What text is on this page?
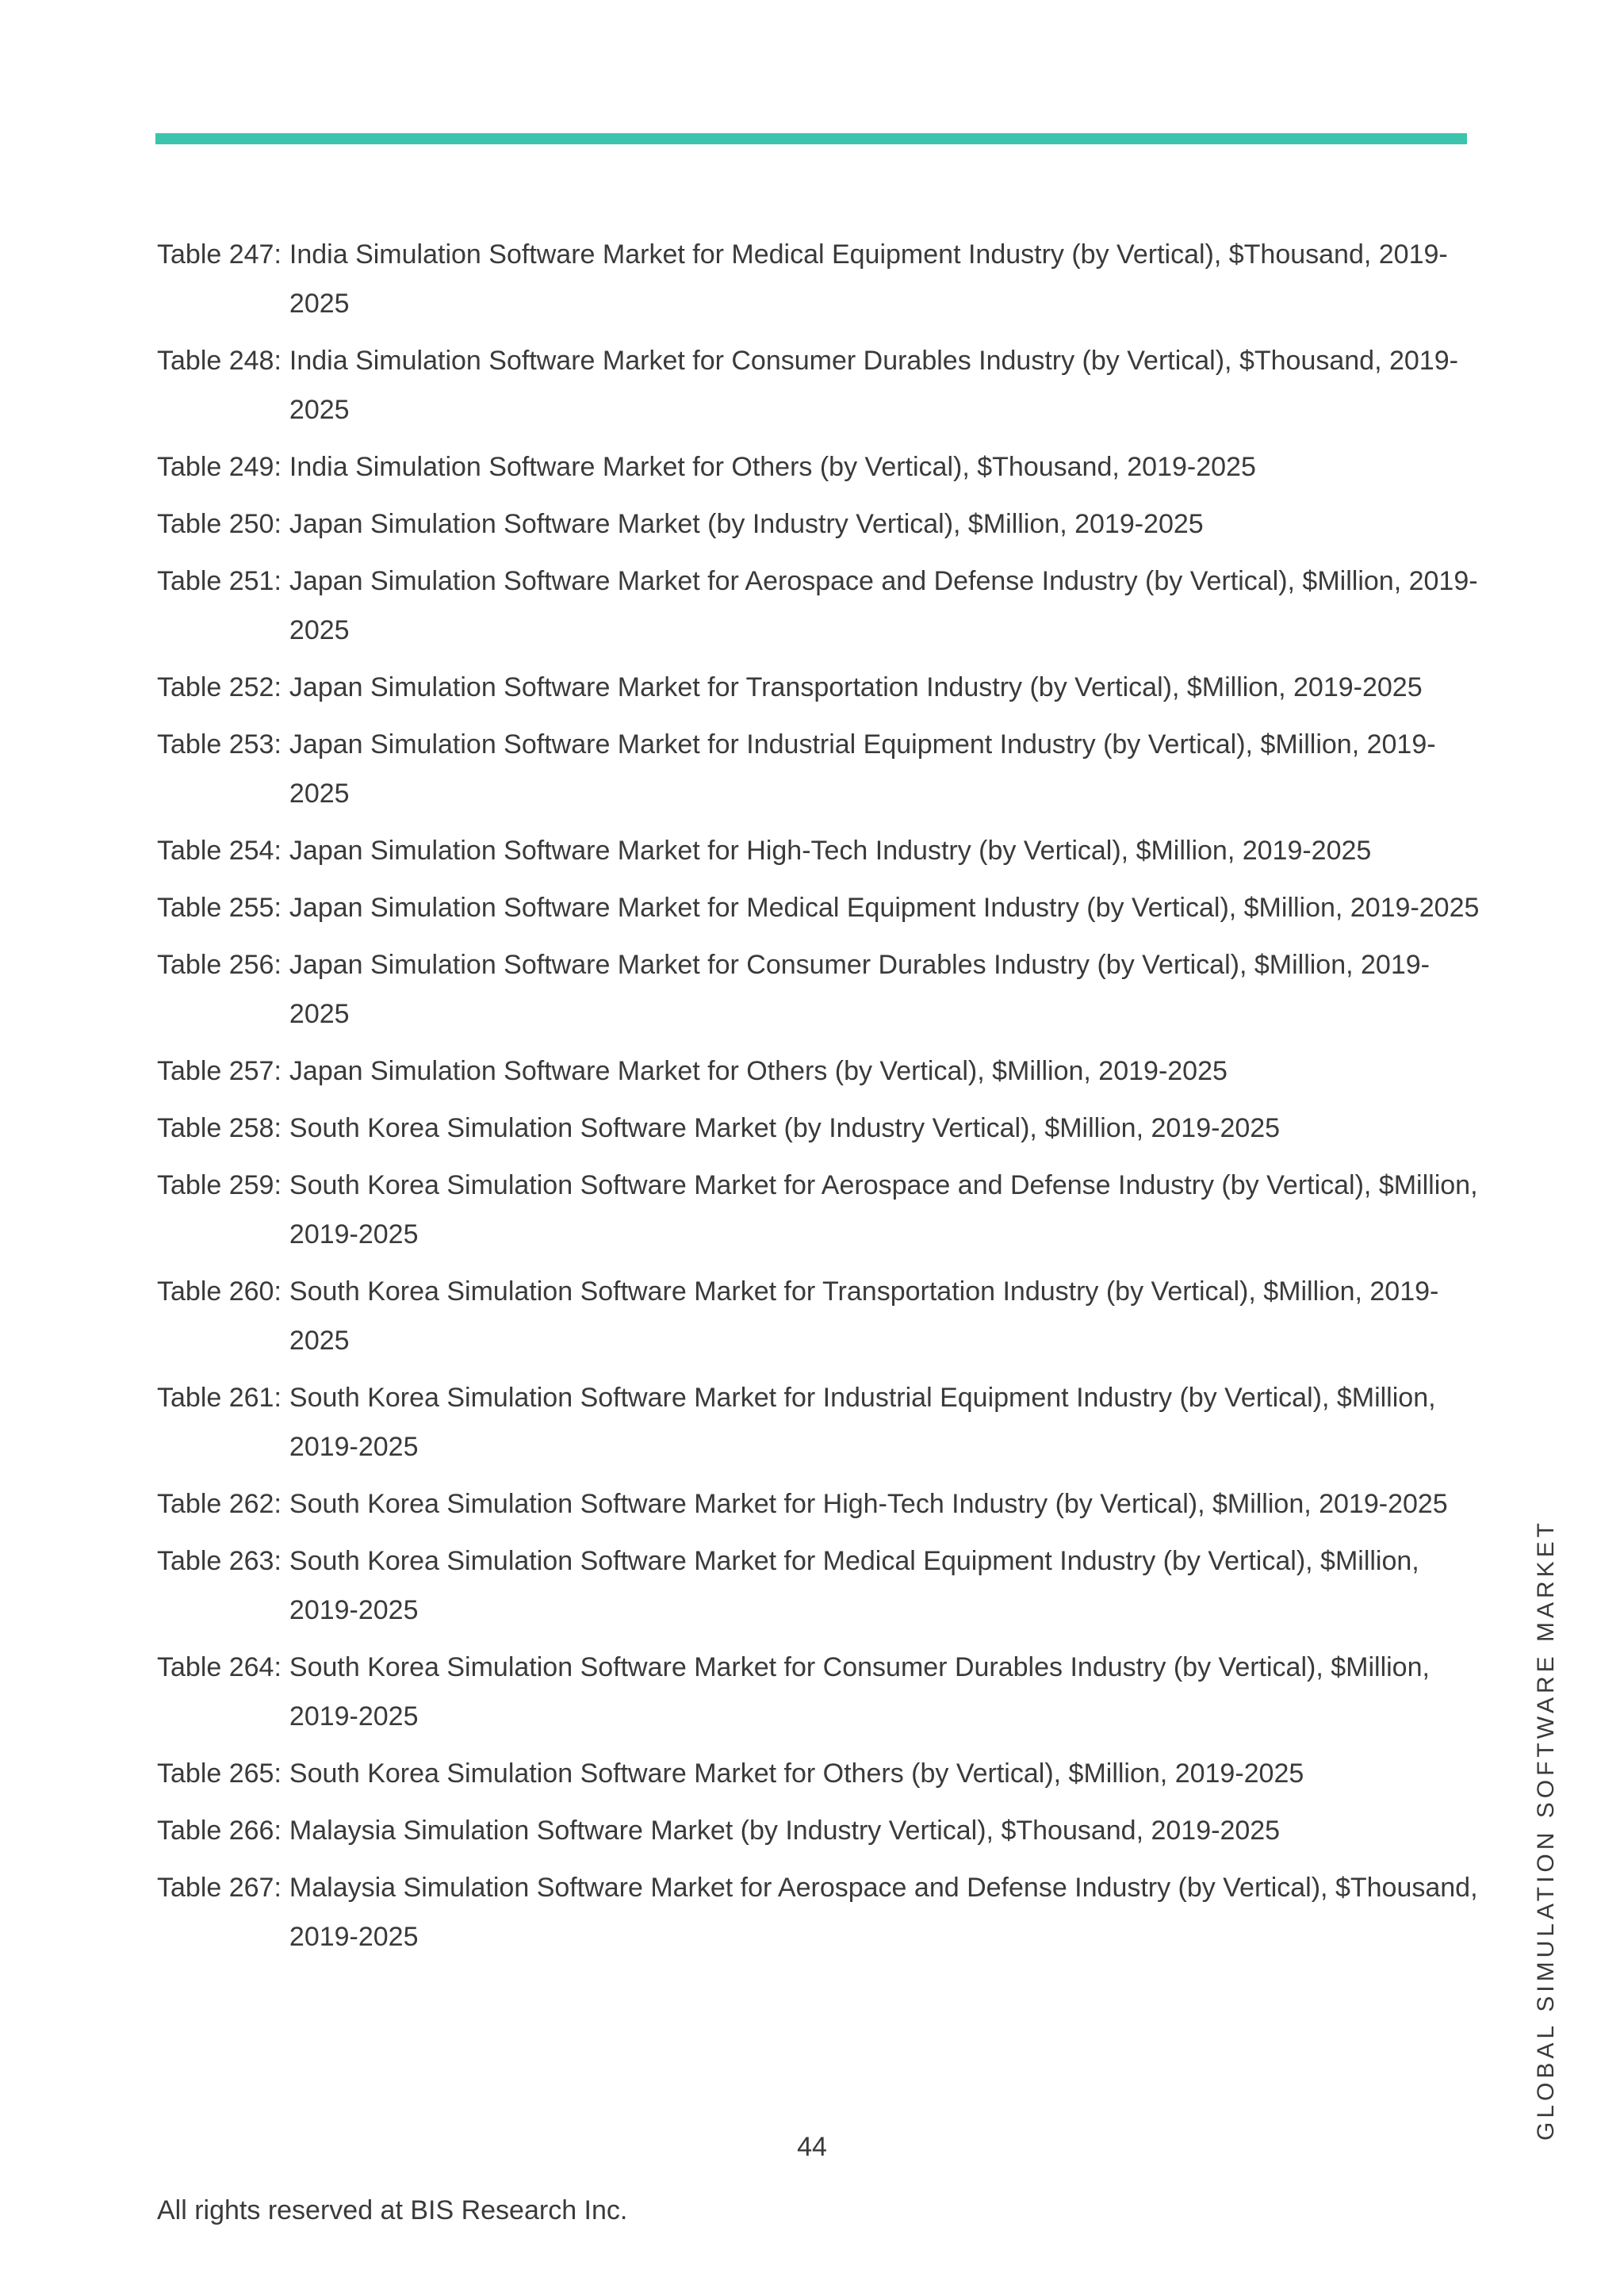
Table 247: India Simulation Software Market for Medical Equipment Industry (by Vertical), $Thousand, 2019-2025
Table 248: India Simulation Software Market for Consumer Durables Industry (by Vertical), $Thousand, 2019-2025
Table 249: India Simulation Software Market for Others (by Vertical), $Thousand, 2019-2025
Table 250: Japan Simulation Software Market (by Industry Vertical), $Million, 2019-2025
Table 251: Japan Simulation Software Market for Aerospace and Defense Industry (by Vertical), $Million, 2019-2025
Table 252: Japan Simulation Software Market for Transportation Industry (by Vertical), $Million, 2019-2025
Table 253: Japan Simulation Software Market for Industrial Equipment Industry (by Vertical), $Million, 2019-2025
Table 254: Japan Simulation Software Market for High-Tech Industry (by Vertical), $Million, 2019-2025
Table 255: Japan Simulation Software Market for Medical Equipment Industry (by Vertical), $Million, 2019-2025
Table 256: Japan Simulation Software Market for Consumer Durables Industry (by Vertical), $Million, 2019-2025
Table 257: Japan Simulation Software Market for Others (by Vertical), $Million, 2019-2025
Table 258: South Korea Simulation Software Market (by Industry Vertical), $Million, 2019-2025
Table 259: South Korea Simulation Software Market for Aerospace and Defense Industry (by Vertical), $Million, 2019-2025
Table 260: South Korea Simulation Software Market for Transportation Industry (by Vertical), $Million, 2019-2025
Table 261: South Korea Simulation Software Market for Industrial Equipment Industry (by Vertical), $Million, 2019-2025
Table 262: South Korea Simulation Software Market for High-Tech Industry (by Vertical), $Million, 2019-2025
Table 263: South Korea Simulation Software Market for Medical Equipment Industry (by Vertical), $Million, 2019-2025
Table 264: South Korea Simulation Software Market for Consumer Durables Industry (by Vertical), $Million, 2019-2025
Table 265: South Korea Simulation Software Market for Others (by Vertical), $Million, 2019-2025
Table 266: Malaysia Simulation Software Market (by Industry Vertical), $Thousand, 2019-2025
Table 267: Malaysia Simulation Software Market for Aerospace and Defense Industry (by Vertical), $Thousand, 2019-2025
44
All rights reserved at BIS Research Inc.
GLOBAL SIMULATION SOFTWARE MARKET
